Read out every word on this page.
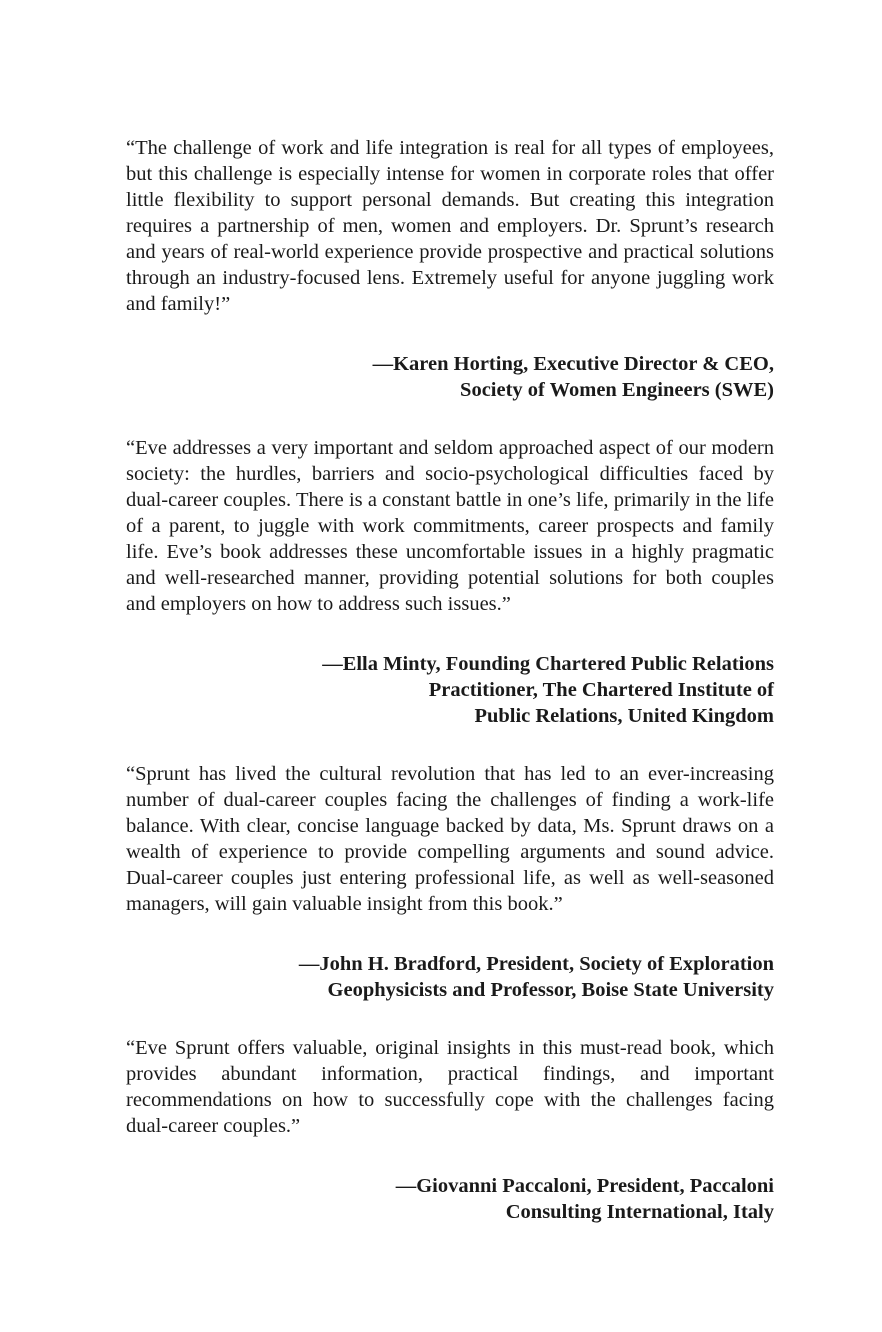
“The challenge of work and life integration is real for all types of employees, but this challenge is especially intense for women in corporate roles that offer little flexibility to support personal demands. But creating this integration requires a partnership of men, women and employers. Dr. Sprunt’s research and years of real-world experience provide prospective and practical solutions through an industry-focused lens. Extremely useful for anyone juggling work and family!”

—Karen Horting, Executive Director & CEO,
Society of Women Engineers (SWE)

“Eve addresses a very important and seldom approached aspect of our modern society: the hurdles, barriers and socio-psychological difficulties faced by dual-career couples. There is a constant battle in one’s life, primarily in the life of a parent, to juggle with work commitments, career prospects and family life. Eve’s book addresses these uncomfortable issues in a highly pragmatic and well-researched manner, providing potential solutions for both couples and employers on how to address such issues.”

—Ella Minty, Founding Chartered Public Relations
Practitioner, The Chartered Institute of
Public Relations, United Kingdom

“Sprunt has lived the cultural revolution that has led to an ever-increasing number of dual-career couples facing the challenges of finding a work-life balance. With clear, concise language backed by data, Ms. Sprunt draws on a wealth of experience to provide compelling arguments and sound advice. Dual-career couples just entering professional life, as well as well-seasoned managers, will gain valuable insight from this book.”

—John H. Bradford, President, Society of Exploration
Geophysicists and Professor, Boise State University

“Eve Sprunt offers valuable, original insights in this must-read book, which provides abundant information, practical findings, and important recommendations on how to successfully cope with the challenges facing dual-career couples.”

—Giovanni Paccaloni, President, Paccaloni
Consulting International, Italy
